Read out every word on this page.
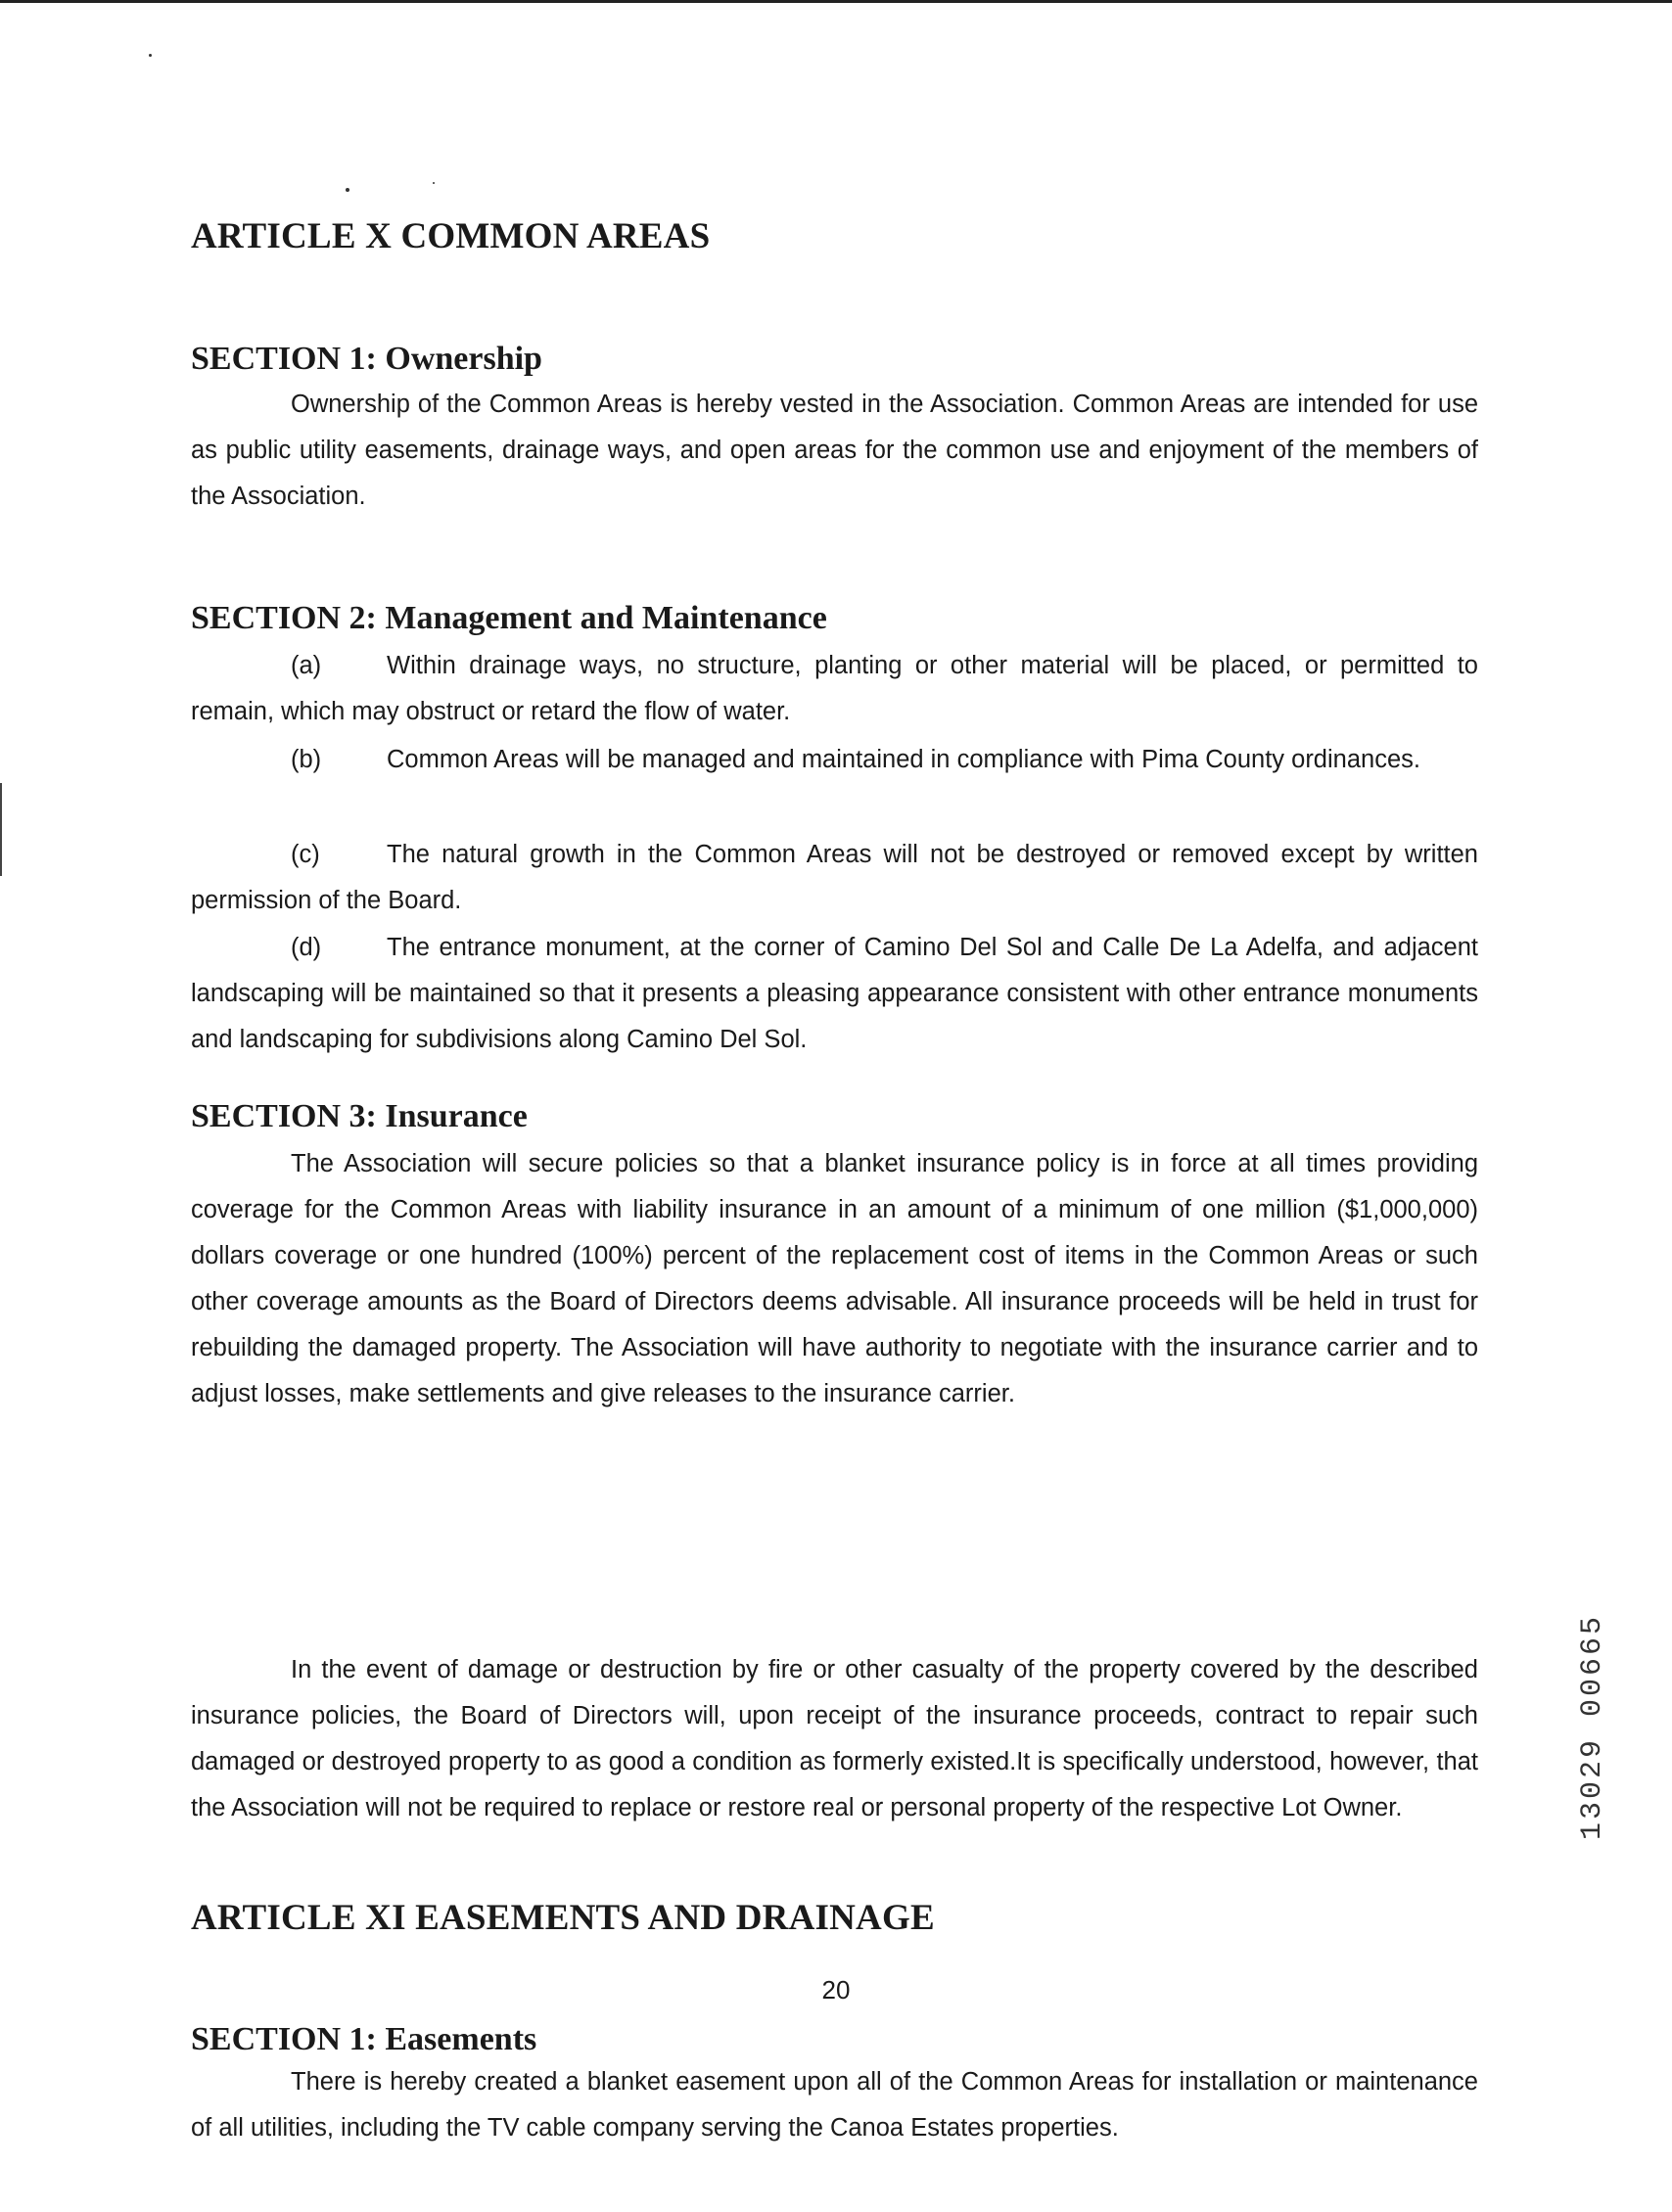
ARTICLE X COMMON AREAS
SECTION 1: Ownership

Ownership of the Common Areas is hereby vested in the Association. Common Areas are intended for use as public utility easements, drainage ways, and open areas for the common use and enjoyment of the members of the Association.

SECTION 2: Management and Maintenance

(a)	Within drainage ways, no structure, planting or other material will be placed, or permitted to remain, which may obstruct or retard the flow of water.

(b)	Common Areas will be managed and maintained in compliance with Pima County ordinances.

(c)	The natural growth in the Common Areas will not be destroyed or removed except by written permission of the Board.

(d)	The entrance monument, at the corner of Camino Del Sol and Calle De La Adelfa, and adjacent landscaping will be maintained so that it presents a pleasing appearance consistent with other entrance monuments and landscaping for subdivisions along Camino Del Sol.

SECTION 3: Insurance

The Association will secure policies so that a blanket insurance policy is in force at all times providing coverage for the Common Areas with liability insurance in an amount of a minimum of one million ($1,000,000) dollars coverage or one hundred (100%) percent of the replacement cost of items in the Common Areas or such other coverage amounts as the Board of Directors deems advisable. All insurance proceeds will be held in trust for rebuilding the damaged property. The Association will have authority to negotiate with the insurance carrier and to adjust losses, make settlements and give releases to the insurance carrier.

In the event of damage or destruction by fire or other casualty of the property covered by the described insurance policies, the Board of Directors will, upon receipt of the insurance proceeds, contract to repair such damaged or destroyed property to as good a condition as formerly existed.It is specifically understood, however, that the Association will not be required to replace or restore real or personal property of the respective Lot Owner.

ARTICLE XI EASEMENTS AND DRAINAGE
SECTION 1: Easements

There is hereby created a blanket easement upon all of the Common Areas for installation or maintenance of all utilities, including the TV cable company serving the Canoa Estates properties.

20
13029 00665
